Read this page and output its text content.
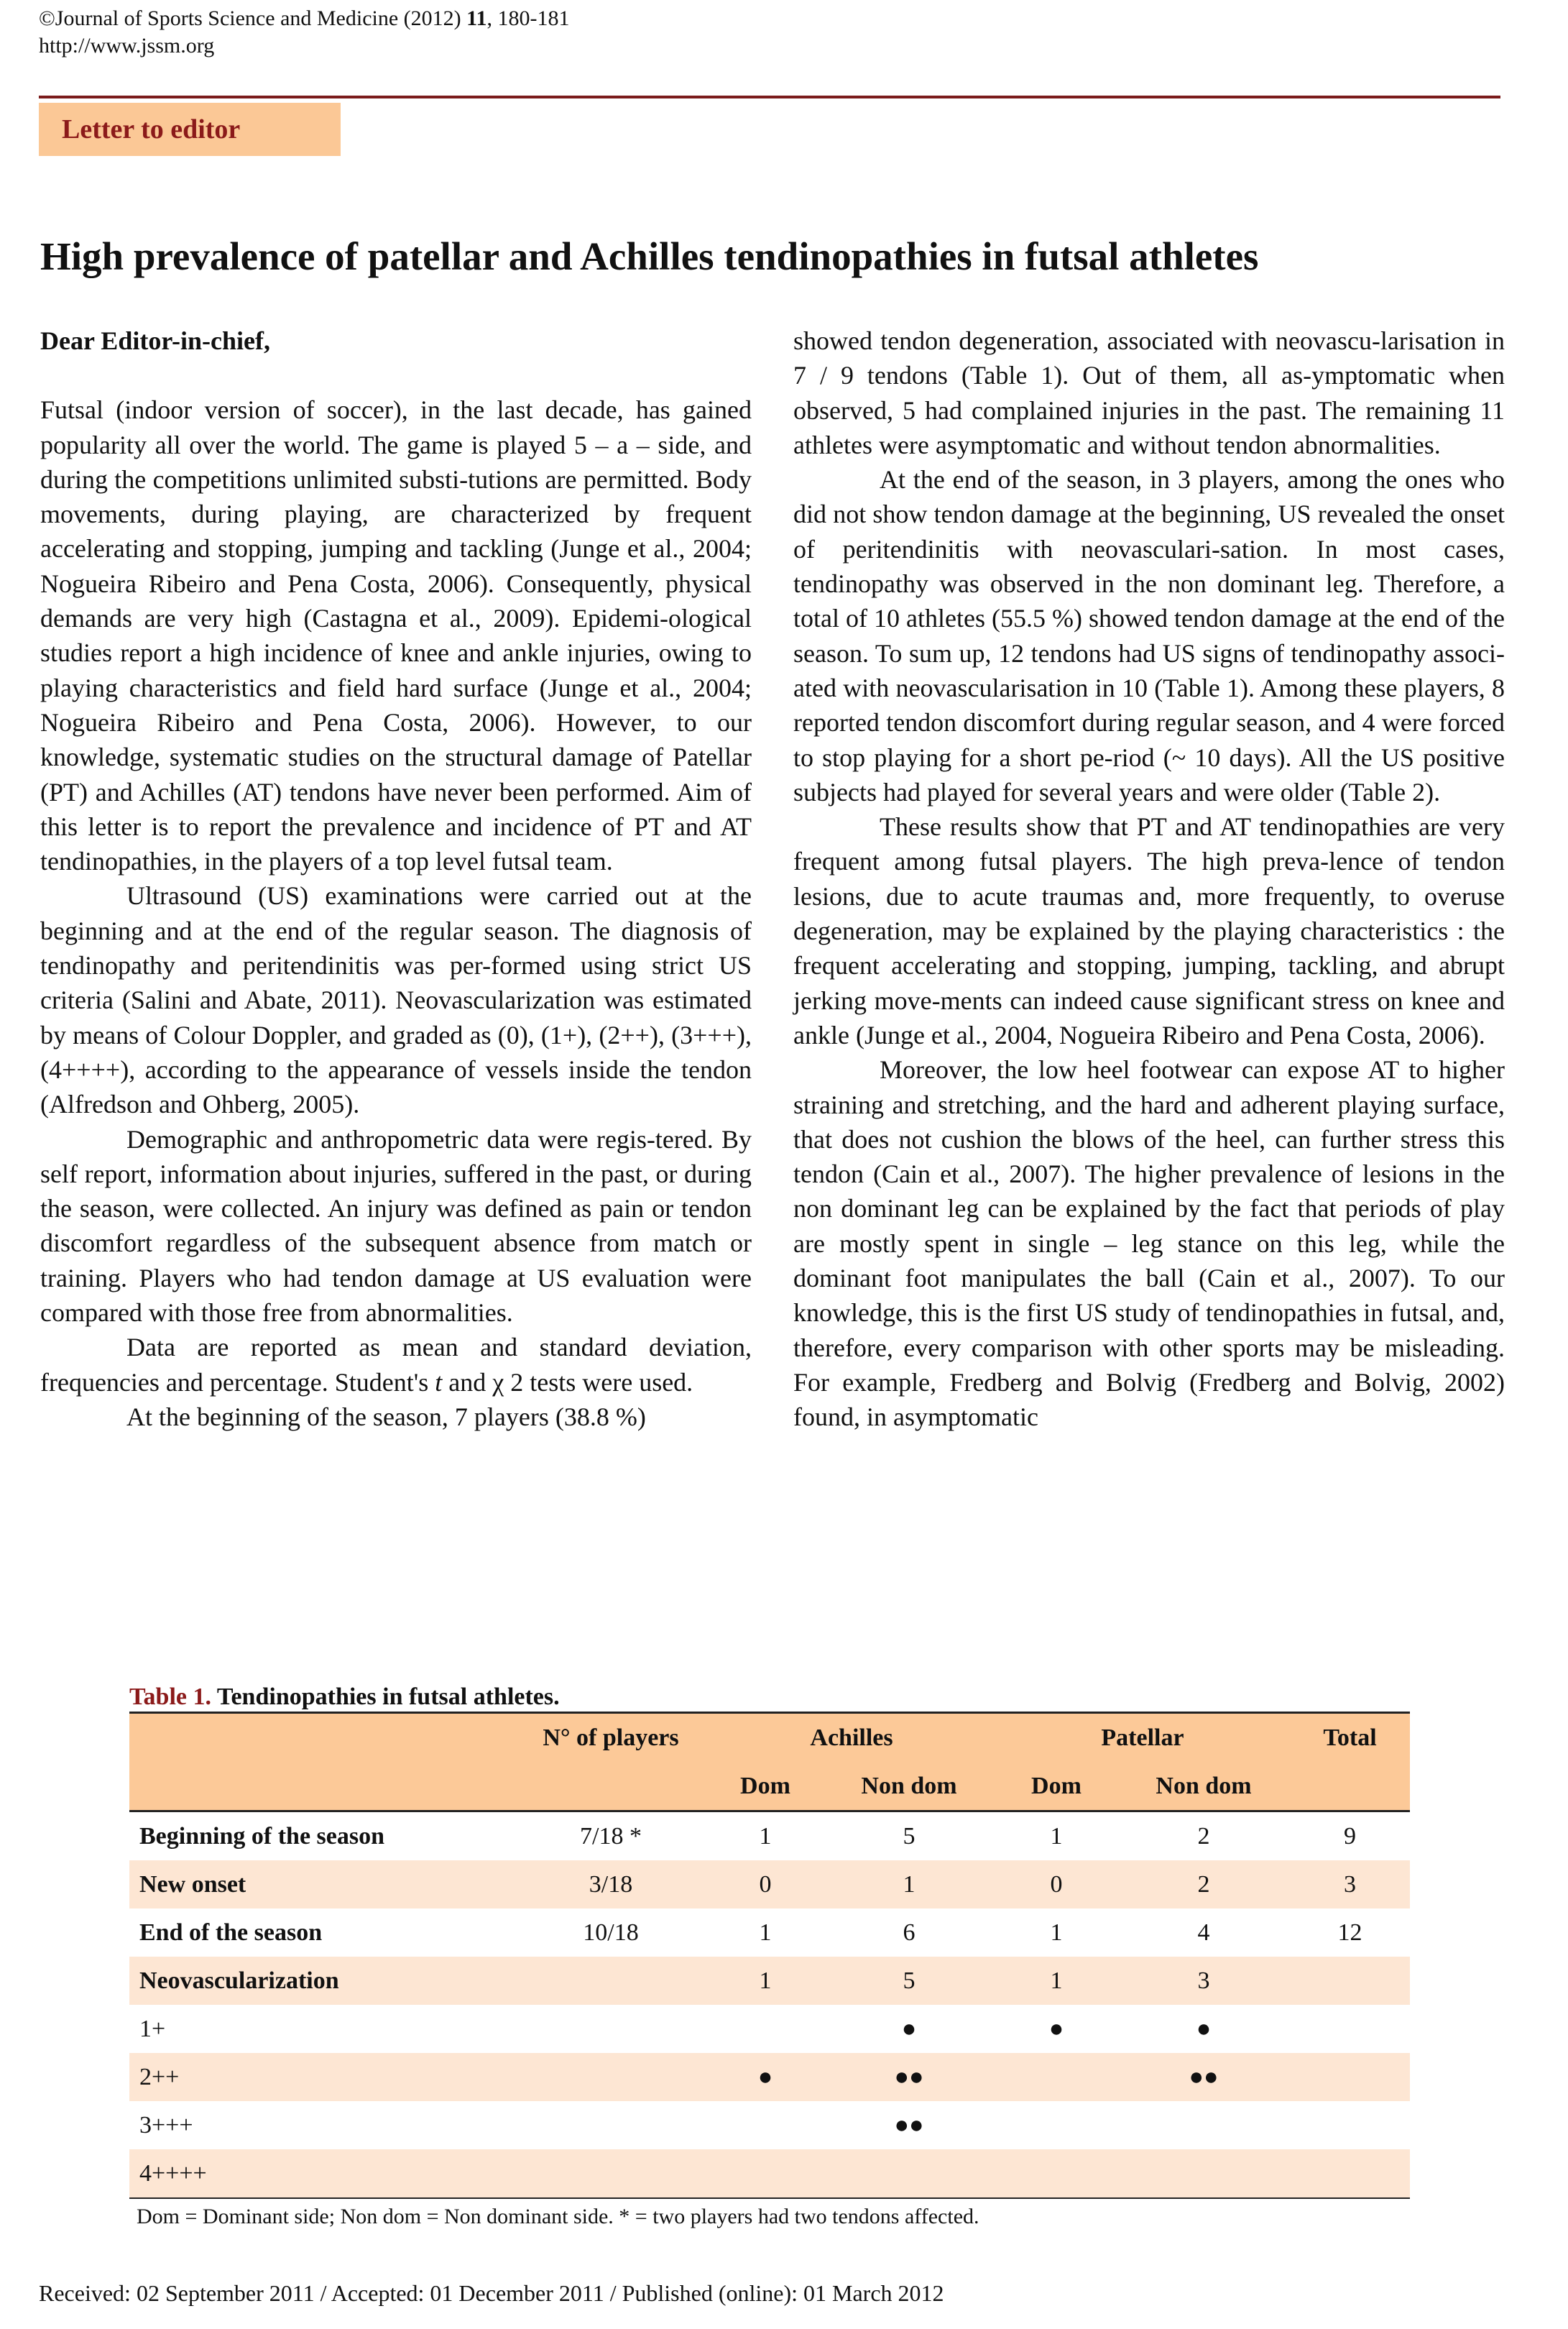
©Journal of Sports Science and Medicine (2012) 11, 180-181
http://www.jssm.org
Letter to editor
High prevalence of patellar and Achilles tendinopathies in futsal athletes

Dear Editor-in-chief,

Futsal (indoor version of soccer), in the last decade, has gained popularity all over the world. The game is played 5 – a – side, and during the competitions unlimited substi-tutions are permitted. Body movements, during playing, are characterized by frequent accelerating and stopping, jumping and tackling (Junge et al., 2004; Nogueira Ribeiro and Pena Costa, 2006). Consequently, physical demands are very high (Castagna et al., 2009). Epidemi-ological studies report a high incidence of knee and ankle injuries, owing to playing characteristics and field hard surface (Junge et al., 2004; Nogueira Ribeiro and Pena Costa, 2006). However, to our knowledge, systematic studies on the structural damage of Patellar (PT) and Achilles (AT) tendons have never been performed. Aim of this letter is to report the prevalence and incidence of PT and AT tendinopathies, in the players of a top level futsal team.

Ultrasound (US) examinations were carried out at the beginning and at the end of the regular season. The diagnosis of tendinopathy and peritendinitis was per-formed using strict US criteria (Salini and Abate, 2011). Neovascularization was estimated by means of Colour Doppler, and graded as (0), (1+), (2++), (3+++), (4++++), according to the appearance of vessels inside the tendon (Alfredson and Ohberg, 2005).

Demographic and anthropometric data were regis-tered. By self report, information about injuries, suffered in the past, or during the season, were collected. An injury was defined as pain or tendon discomfort regardless of the subsequent absence from match or training. Players who had tendon damage at US evaluation were compared with those free from abnormalities.

Data are reported as mean and standard deviation, frequencies and percentage. Student's t and χ 2 tests were used.

At the beginning of the season, 7 players (38.8 %)

showed tendon degeneration, associated with neovascu-larisation in 7 / 9 tendons (Table 1). Out of them, all as-ymptomatic when observed, 5 had complained injuries in the past. The remaining 11 athletes were asymptomatic and without tendon abnormalities.

At the end of the season, in 3 players, among the ones who did not show tendon damage at the beginning, US revealed the onset of peritendinitis with neovasculari-sation. In most cases, tendinopathy was observed in the non dominant leg. Therefore, a total of 10 athletes (55.5 %) showed tendon damage at the end of the season. To sum up, 12 tendons had US signs of tendinopathy associ-ated with neovascularisation in 10 (Table 1). Among these players, 8 reported tendon discomfort during regular season, and 4 were forced to stop playing for a short pe-riod (~ 10 days). All the US positive subjects had played for several years and were older (Table 2).

These results show that PT and AT tendinopathies are very frequent among futsal players. The high preva-lence of tendon lesions, due to acute traumas and, more frequently, to overuse degeneration, may be explained by the playing characteristics : the frequent accelerating and stopping, jumping, tackling, and abrupt jerking move-ments can indeed cause significant stress on knee and ankle (Junge et al., 2004, Nogueira Ribeiro and Pena Costa, 2006).

Moreover, the low heel footwear can expose AT to higher straining and stretching, and the hard and adherent playing surface, that does not cushion the blows of the heel, can further stress this tendon (Cain et al., 2007). The higher prevalence of lesions in the non dominant leg can be explained by the fact that periods of play are mostly spent in single – leg stance on this leg, while the dominant foot manipulates the ball (Cain et al., 2007). To our knowledge, this is the first US study of tendinopathies in futsal, and, therefore, every comparison with other sports may be misleading. For example, Fredberg and Bolvig (Fredberg and Bolvig, 2002) found, in asymptomatic

Table 1. Tendinopathies in futsal athletes.
	N° of players	Achilles		Patellar		Total
		Dom	Non dom	Dom	Non dom	
Beginning of the season	7/18 *	1	5	1	2	9
New onset	3/18	0	1	0	2	3
End of the season	10/18	1	6	1	4	12
Neovascularization		1	5	1	3	
1+			●	●	●	
2++		●	●●		●●	
3+++			●●			
4++++						
Dom = Dominant side; Non dom = Non dominant side. * = two players had two tendons affected.
Received: 02 September 2011 / Accepted: 01 December 2011 / Published (online): 01 March 2012
